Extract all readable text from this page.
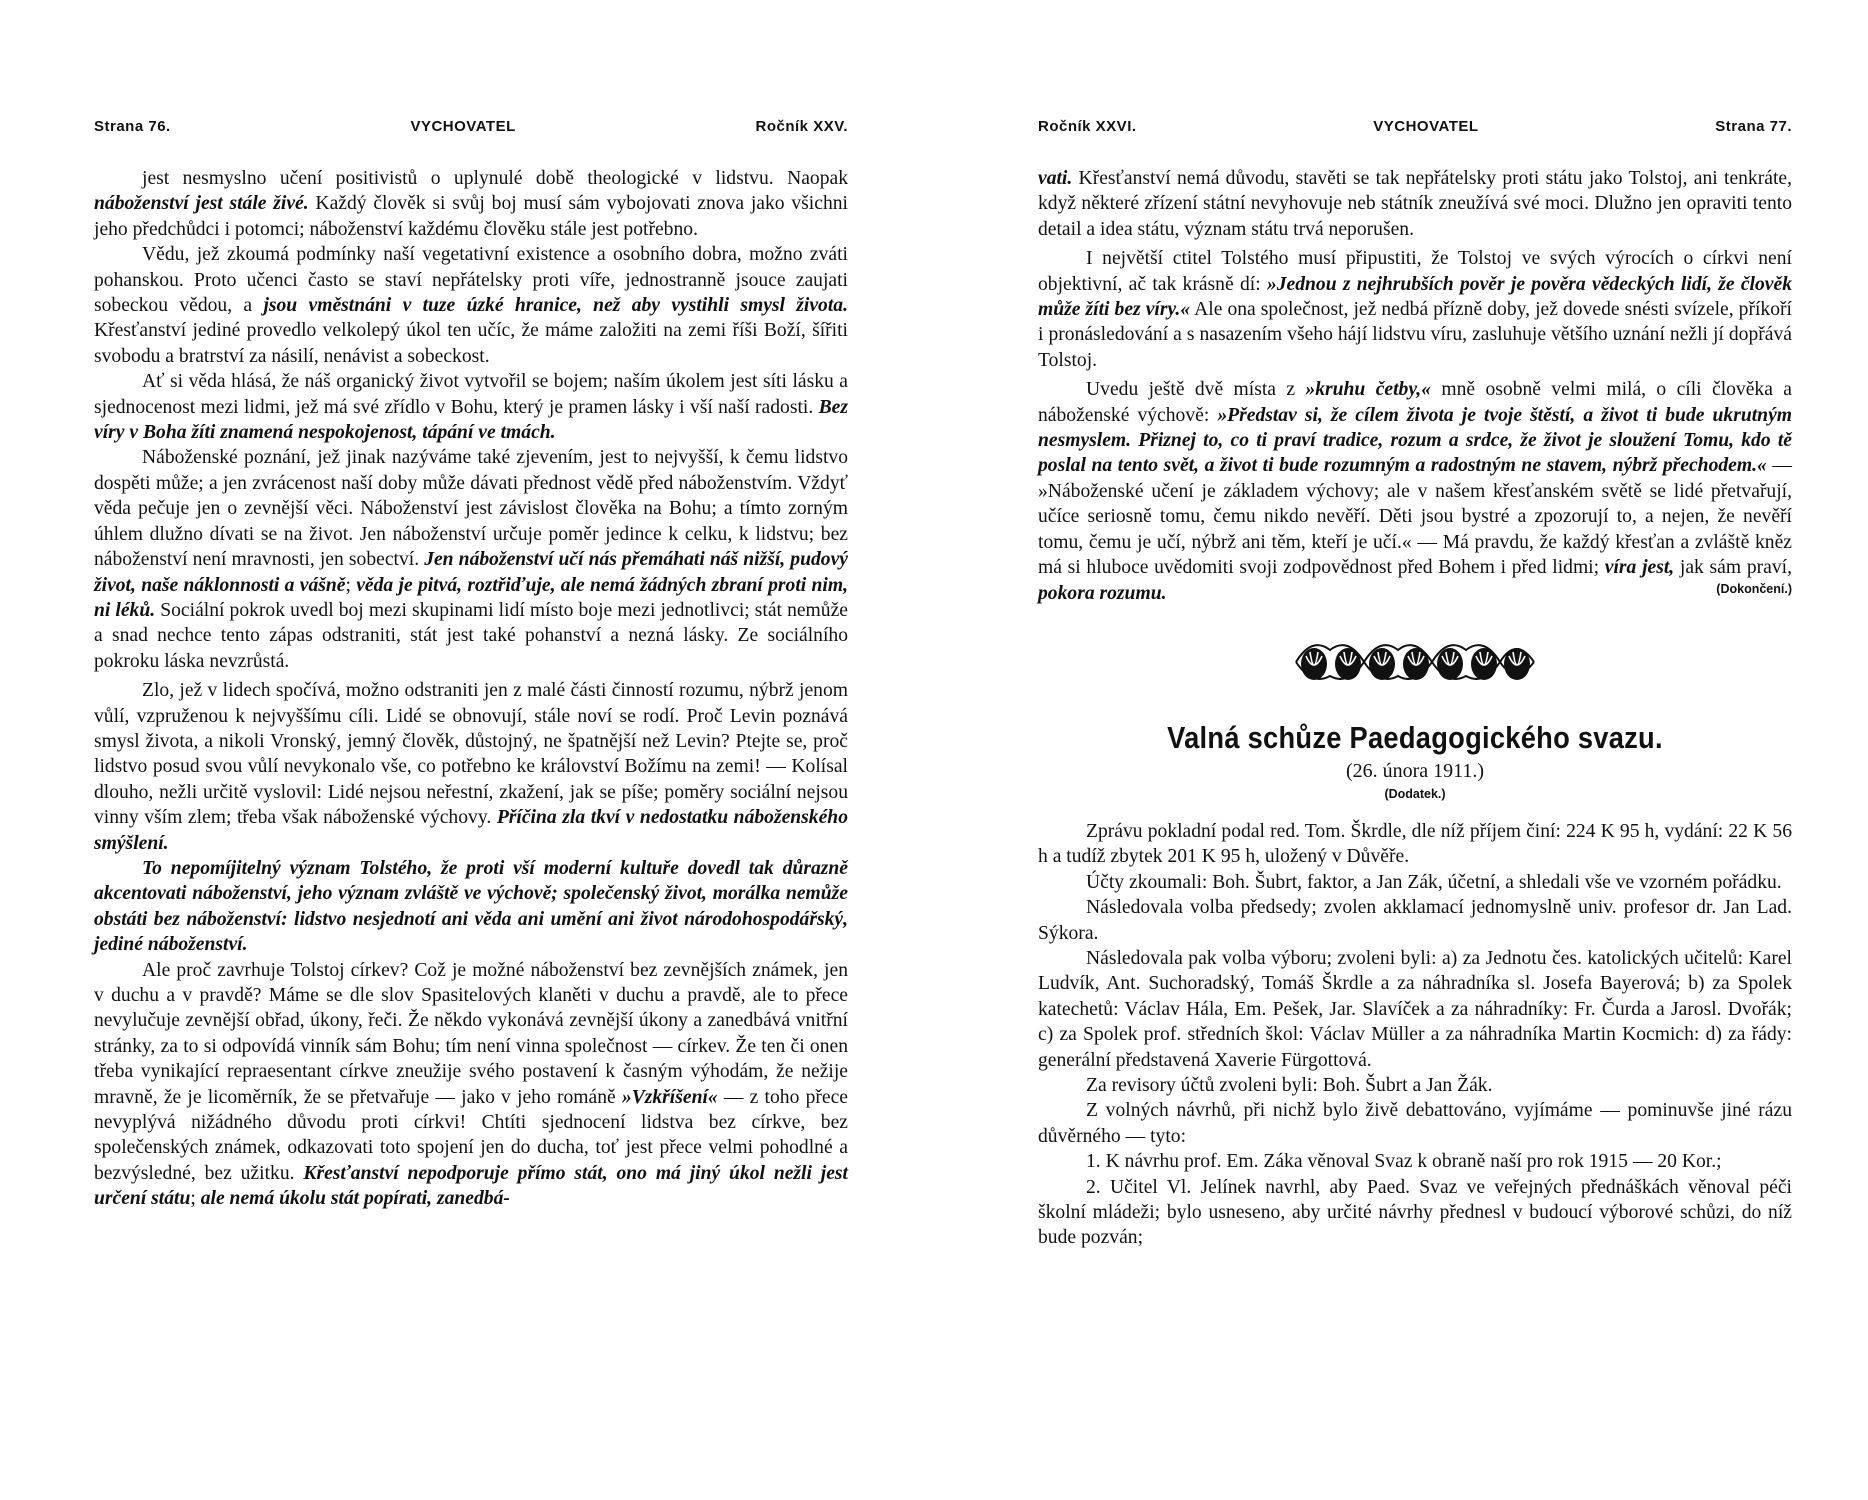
Strana 76.	VYCHOVATEL	Ročník XXV.

jest nesmyslno učení positivistů o uplynulé době theologické v lidstvu. Naopak náboženství jest stále živé. Každý člověk si svůj boj musí sám vybojovati znova jako všichni jeho předchůdci i potomci; náboženství každému člověku stále jest potřebno.

Vědu, jež zkoumá podmínky naší vegetativní existence a osobního dobra, možno zváti pohanskou. Proto učenci často se staví nepřátelsky proti víře, jednostranně jsouce zaujati sobeckou vědou, a jsou vměstnáni v tuze úzké hranice, než aby vystihli smysl života. Křesťanství jediné provedlo velkolepý úkol ten učíc, že máme založiti na zemi říši Boží, šířiti svobodu a bratrství za násilí, nenávist a sobeckost.

Ať si věda hlásá, že náš organický život vytvořil se bojem; naším úkolem jest síti lásku a sjednocenost mezi lidmi, jež má své zřídlo v Bohu, který je pramen lásky i vší naší radosti. Bez víry v Boha žíti znamená nespokojenost, tápání ve tmách.

Náboženské poznání, jež jinak nazýváme také zjevením, jest to nejvyšší, k čemu lidstvo dospěti může; a jen zvrácenost naší doby může dávati přednost vědě před náboženstvím. Vždyť věda pečuje jen o zevnější věci. Náboženství jest závislost člověka na Bohu; a tímto zorným úhlem dlužno dívati se na život. Jen náboženství určuje poměr jedince k celku, k lidstvu; bez náboženství není mravnosti, jen sobectví. Jen náboženství učí nás přemáhati náš nižší, pudový život, naše náklonnosti a vášně; věda je pitvá, roztřiďuje, ale nemá žádných zbraní proti nim, ni léků. Sociální pokrok uvedl boj mezi skupinami lidí místo boje mezi jednotlivci; stát nemůže a snad nechce tento zápas odstraniti, stát jest také pohanství a nezná lásky. Ze sociálního pokroku láska nevzrůstá.

Zlo, jež v lidech spočívá, možno odstraniti jen z malé části činností rozumu, nýbrž jenom vůlí, vzpruženou k nejvyššímu cíli. Lidé se obnovují, stále noví se rodí. Proč Levin poznává smysl života, a nikoli Vronský, jemný člověk, důstojný, ne špatnější než Levin? Ptejte se, proč lidstvo posud svou vůlí nevykonalo vše, co potřebno ke království Božímu na zemi! — Kolísal dlouho, nežli určitě vyslovil: Lidé nejsou neřestní, zkažení, jak se píše; poměry sociální nejsou vinny vším zlem; třeba však náboženské výchovy. Příčina zla tkví v nedostatku náboženského smýšlení.

To nepomíjitelný význam Tolstého, že proti vší moderní kultuře dovedl tak důrazně akcentovati náboženství, jeho význam zvláště ve výchově; společenský život, morálka nemůže obstáti bez náboženství: lidstvo nesjednotí ani věda ani umění ani život národohospodářský, jediné náboženství.

Ale proč zavrhuje Tolstoj církev? Což je možné náboženství bez zevnějších známek, jen v duchu a v pravdě? Máme se dle slov Spasitelových klaněti v duchu a pravdě, ale to přece nevylučuje zevnější obřad, úkony, řeči. Že někdo vykonává zevnější úkony a zanedbává vnitřní stránky, za to si odpovídá vinník sám Bohu; tím není vinna společnost — církev. Že ten či onen třeba vynikající repraesentant církve zneužije svého postavení k časným výhodám, že nežije mravně, že je licoměrník, že se přetvařuje — jako v jeho románě »Vzkříšení« — z toho přece nevyplývá nižádného důvodu proti církvi! Chtíti sjednocení lidstva bez církve, bez společenských známek, odkazovati toto spojení jen do ducha, toť jest přece velmi pohodlné a bezvýsledné, bez užitku. Křesťanství nepodporuje přímo stát, ono má jiný úkol nežli jest určení státu; ale nemá úkolu stát popírati, zanedbá-

Ročník XXVI.	VYCHOVATEL	Strana 77.

vati. Křesťanství nemá důvodu, stavěti se tak nepřátelsky proti státu jako Tolstoj, ani tenkráte, když některé zřízení státní nevyhovuje neb státník zneužívá své moci. Dlužno jen opraviti tento detail a idea státu, význam státu trvá neporušen.

I největší ctitel Tolstého musí připustiti, že Tolstoj ve svých výrocích o církvi není objektivní, ač tak krásně dí: »Jednou z nejhrubších pověr je pověra vědeckých lidí, že člověk může žíti bez víry.« Ale ona společnost, jež nedbá přízně doby, jež dovede snésti svízele, příkoří i pronásledování a s nasazením všeho hájí lidstvu víru, zasluhuje většího uznání nežli jí dopřává Tolstoj.

Uvedu ještě dvě místa z »kruhu četby,« mně osobně velmi milá, o cíli člověka a náboženské výchově: »Představ si, že cílem života je tvoje štěstí, a život ti bude ukrutným nesmyslem. Přiznej to, co ti praví tradice, rozum a srdce, že život je sloužení Tomu, kdo tě poslal na tento svět, a život ti bude rozumným a radostným ne stavem, nýbrž přechodem.« — »Náboženské učení je základem výchovy; ale v našem křesťanském světě se lidé přetvařují, učíce seriosně tomu, čemu nikdo nevěří. Děti jsou bystré a zpozorují to, a nejen, že nevěří tomu, čemu je učí, nýbrž ani těm, kteří je učí.« — Má pravdu, že každý křesťan a zvláště kněz má si hluboce uvědomiti svoji zodpovědnost před Bohem i před lidmi; víra jest, jak sám praví, pokora rozumu.	(Dokončení.)

Valná schůze Paedagogického svazu.
(26. února 1911.)
(Dodatek.)

Zprávu pokladní podal red. Tom. Škrdle, dle níž příjem činí: 224 K 95 h, vydání: 22 K 56 h a tudíž zbytek 201 K 95 h, uložený v Důvěře.

Účty zkoumali: Boh. Šubrt, faktor, a Jan Zák, účetní, a shledali vše ve vzorném pořádku.

Následovala volba předsedy; zvolen akklamací jednomyslně univ. profesor dr. Jan Lad. Sýkora.

Následovala pak volba výboru; zvoleni byli: a) za Jednotu čes. katolických učitelů: Karel Ludvík, Ant. Suchoradský, Tomáš Škrdle a za náhradníka sl. Josefa Bayerová; b) za Spolek katechetů: Václav Hála, Em. Pešek, Jar. Slavíček a za náhradníky: Fr. Čurda a Jarosl. Dvořák; c) za Spolek prof. středních škol: Václav Müller a za náhradníka Martin Kocmich: d) za řády: generální představená Xaverie Fürgottová.

Za revisory účtů zvoleni byli: Boh. Šubrt a Jan Žák.

Z volných návrhů, při nichž bylo živě debattováno, vyjímáme — pominuvše jiné rázu důvěrného — tyto:

1. K návrhu prof. Em. Záka věnoval Svaz k obraně naší pro rok 1915 — 20 Kor.;

2. Učitel Vl. Jelínek navrhl, aby Paed. Svaz ve veřejných přednáškách věnoval péči školní mládeži; bylo usneseno, aby určité návrhy přednesl v budoucí výborové schůzi, do níž bude pozván;
